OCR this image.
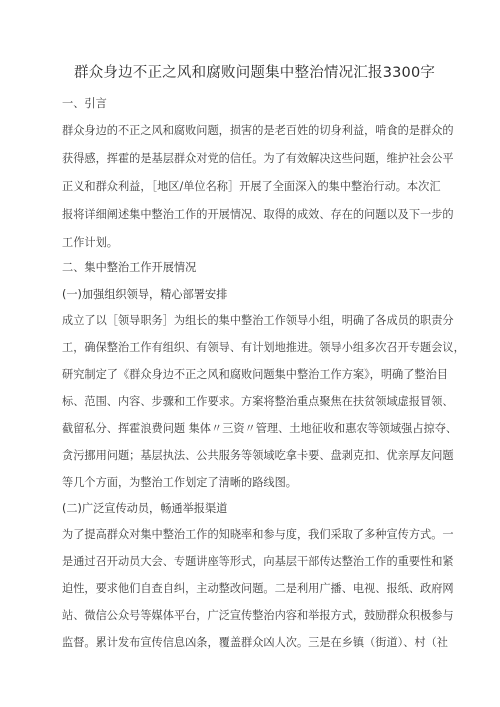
群众身边不正之风和腐败问题集中整治情况汇报3300字
一、引言
群众身边的不正之风和腐败问题，损害的是老百姓的切身利益，啃食的是群众的
获得感，挥霍的是基层群众对党的信任。为了有效解决这些问题，维护社会公平
正义和群众利益，［地区/单位名称］开展了全面深入的集中整治行动。本次汇
报将详细阐述集中整治工作的开展情况、取得的成效、存在的问题以及下一步的
工作计划。
二、集中整治工作开展情况
(一)加强组织领导，精心部署安排
成立了以［领导职务］为组长的集中整治工作领导小组，明确了各成员的职责分
工，确保整治工作有组织、有领导、有计划地推进。领导小组多次召开专题会议，
研究制定了《群众身边不正之风和腐败问题集中整治工作方案》，明确了整治目
标、范围、内容、步骤和工作要求。方案将整治重点聚焦在扶贫领域虚报冒领、
截留私分、挥霍浪费问题 集体〃三资〃管理、土地征收和惠农等领域强占掠夺、
贪污挪用问题；基层执法、公共服务等领域吃拿卡要、盘剥克扣、优亲厚友问题
等几个方面，为整治工作划定了清晰的路线图。
(二)广泛宣传动员，畅通举报渠道
为了提高群众对集中整治工作的知晓率和参与度，我们采取了多种宣传方式。一
是通过召开动员大会、专题讲座等形式，向基层干部传达整治工作的重要性和紧
迫性，要求他们自查自纠，主动整改问题。二是利用广播、电视、报纸、政府网
站、微信公众号等媒体平台，广泛宣传整治内容和举报方式，鼓励群众积极参与
监督。累计发布宣传信息凶条，覆盖群众凶人次。三是在乡镇（街道）、村（社
